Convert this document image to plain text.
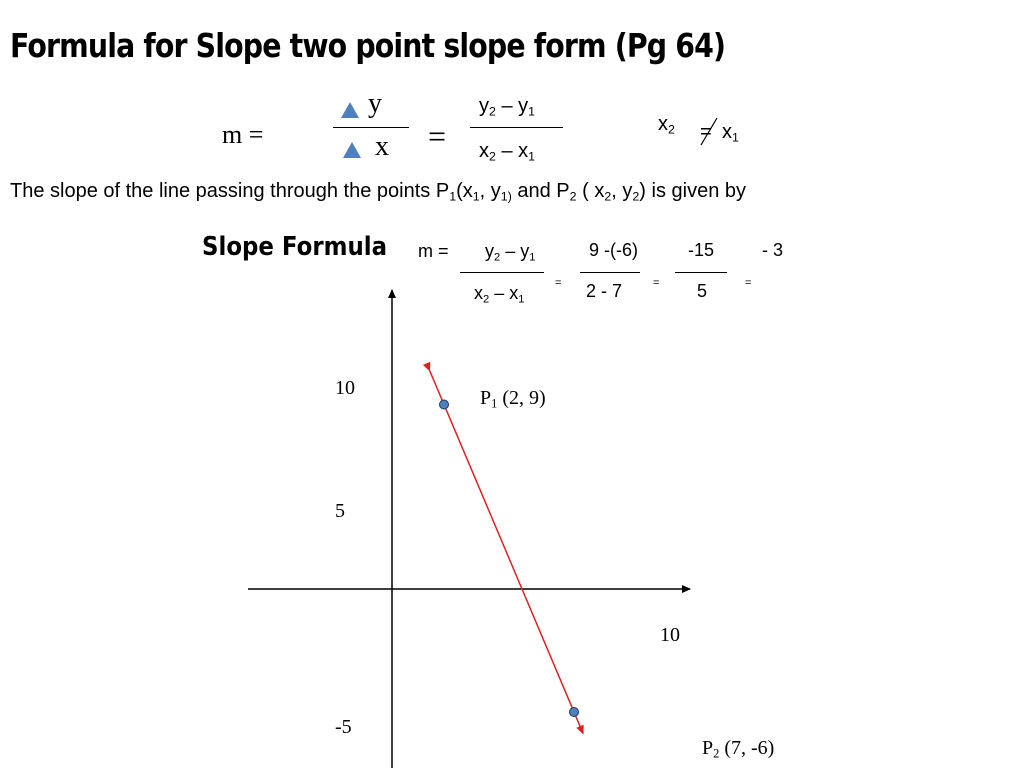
Formula for Slope two point slope form (Pg 64)
m =
y
x =
$y_2 - y_1$
$x_2 - x_1$
$x_2 = x_1$
The slope of the line passing through the points $P_1(x_1$, $y_{1)}$ and $P_2$ ( $x_2$, $y_2$) is given by
Slope Formula $m = y_2 - y_1$
$x_2 - x_1$
=
9 -(-6)
2 - 7	=
-15
5	=
- 3
10
5
-5
10
$P_1$ (2, 9)
$P_2$ (7, -6)
